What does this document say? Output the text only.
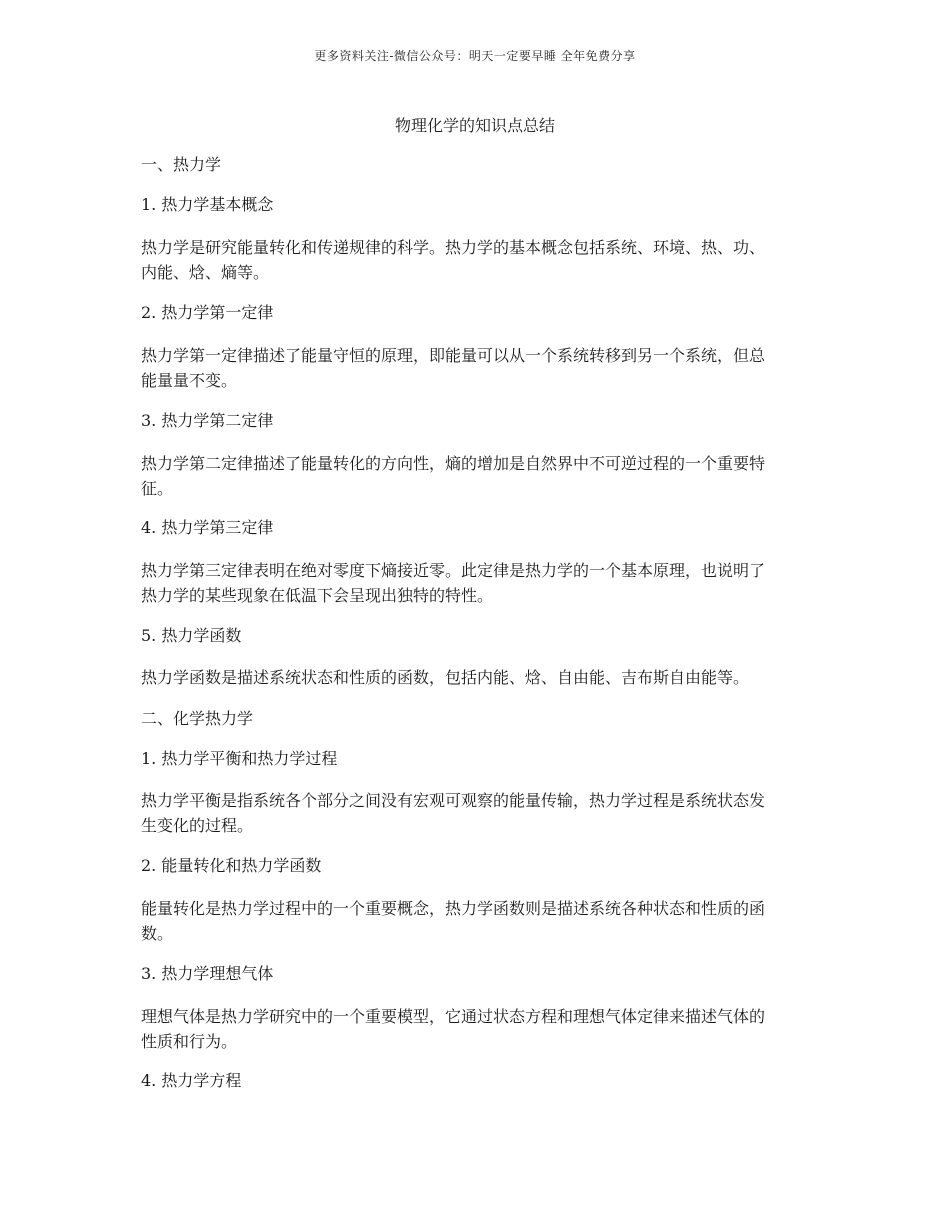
更多资料关注-微信公众号：明天一定要早睡 全年免费分享
物理化学的知识点总结
一、热力学
1. 热力学基本概念
热力学是研究能量转化和传递规律的科学。热力学的基本概念包括系统、环境、热、功、
内能、焓、熵等。
2. 热力学第一定律
热力学第一定律描述了能量守恒的原理，即能量可以从一个系统转移到另一个系统，但总
能量量不变。
3. 热力学第二定律
热力学第二定律描述了能量转化的方向性，熵的增加是自然界中不可逆过程的一个重要特
征。
4. 热力学第三定律
热力学第三定律表明在绝对零度下熵接近零。此定律是热力学的一个基本原理，也说明了
热力学的某些现象在低温下会呈现出独特的特性。
5. 热力学函数
热力学函数是描述系统状态和性质的函数，包括内能、焓、自由能、吉布斯自由能等。
二、化学热力学
1. 热力学平衡和热力学过程
热力学平衡是指系统各个部分之间没有宏观可观察的能量传输，热力学过程是系统状态发
生变化的过程。
2. 能量转化和热力学函数
能量转化是热力学过程中的一个重要概念，热力学函数则是描述系统各种状态和性质的函
数。
3. 热力学理想气体
理想气体是热力学研究中的一个重要模型，它通过状态方程和理想气体定律来描述气体的
性质和行为。
4. 热力学方程
